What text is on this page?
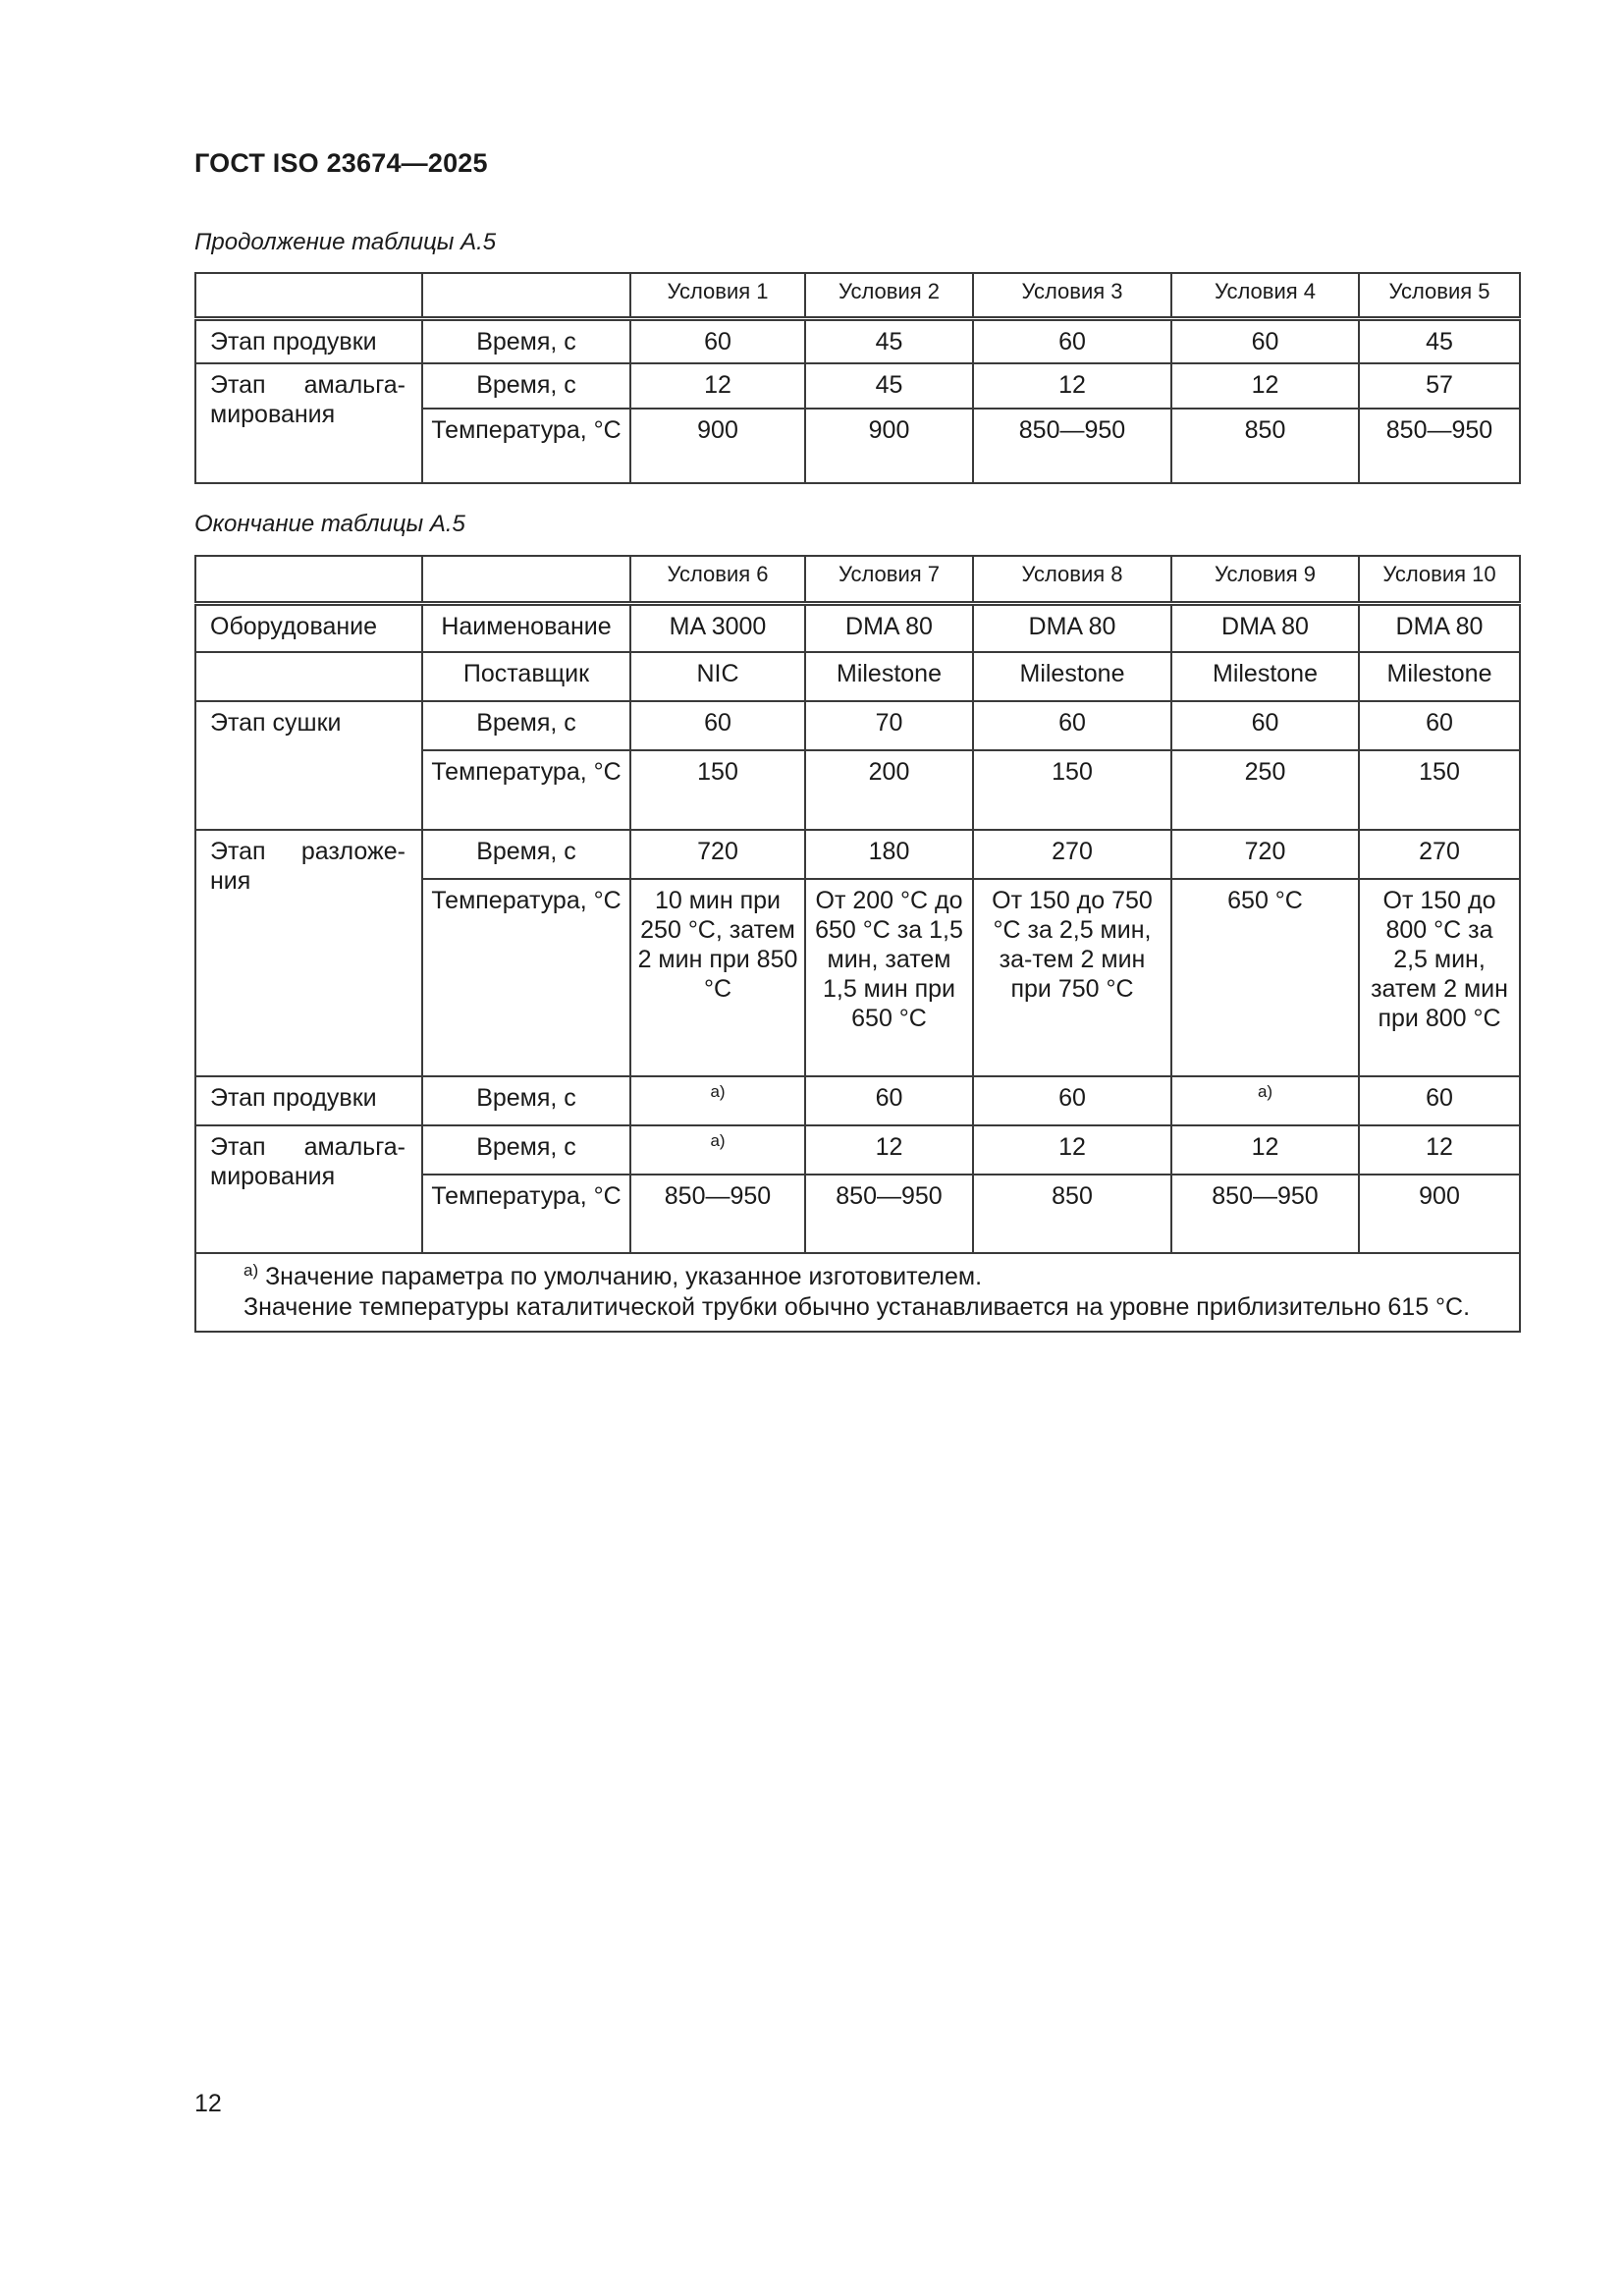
ГОСТ ISO 23674—2025

Продолжение таблицы А.5

		Условия 1	Условия 2	Условия 3	Условия 4	Условия 5
Этап продувки	Время, с	60	45	60	60	45
Этап амальга-мирования	Время, с	12	45	12	12	57
	Температура, °С	900	900	850—950	850	850—950

Окончание таблицы А.5

		Условия 6	Условия 7	Условия 8	Условия 9	Условия 10
Оборудование	Наименование	MA 3000	DMA 80	DMA 80	DMA 80	DMA 80
	Поставщик	NIC	Milestone	Milestone	Milestone	Milestone
Этап сушки	Время, с	60	70	60	60	60
	Температура, °С	150	200	150	250	150
Этап разложе-ния	Время, с	720	180	270	720	270
	Температура, °С	10 мин при 250 °С, затем 2 мин при 850 °С	От 200 °С до 650 °С за 1,5 мин, затем 1,5 мин при 650 °С	От 150 до 750 °С за 2,5 мин, за-тем 2 мин при 750 °С	650 °С	От 150 до 800 °С за 2,5 мин, затем 2 мин при 800 °С
Этап продувки	Время, с	$^{а)}$	60	60	$^{а)}$	60
Этап амальга-мирования	Время, с	$^{а)}$	12	12	12	12
	Температура, °С	850—950	850—950	850	850—950	900

$^{а)}$ Значение параметра по умолчанию, указанное изготовителем.
Значение температуры каталитической трубки обычно устанавливается на уровне приблизительно 615 °С.						
12
